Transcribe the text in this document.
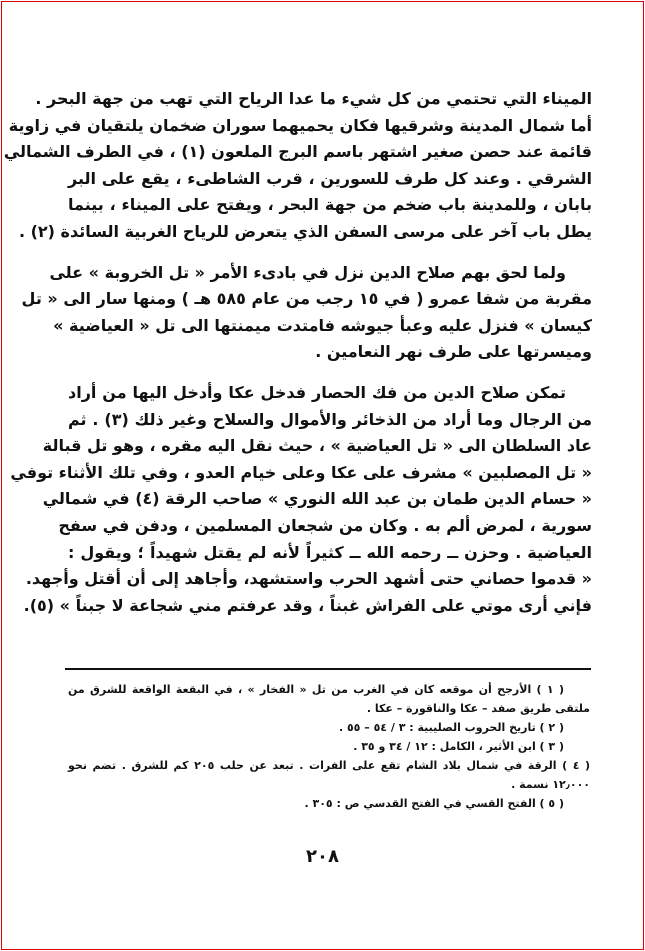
الميناء التي تحتمي من كل شيء ما عدا الرياح التي تهب من جهة البحر .
أما شمال المدينة وشرقيها فكان يحميهما سوران ضخمان يلتقيان في زاوية
قائمة عند حصن صغير اشتهر باسم البرج الملعون (١) ، في الطرف الشمالي
الشرقي . وعند كل طرف للسورين ، قرب الشاطىء ، يقع على البر
بابان ، وللمدينة باب ضخم من جهة البحر ، ويفتح على الميناء ، بينما
يطل باب آخر على مرسى السفن الذي يتعرض للرياح الغربية السائدة (٢) .
ولما لحق بهم صلاح الدين نزل في بادىء الأمر « تل الخروبة » على
مقربة من شفا عمرو ( في ١٥ رجب من عام ٥٨٥ هـ ) ومنها سار الى « تل
كيسان » فنزل عليه وعبأ جيوشه فامتدت ميمنتها الى تل « العياضية »
وميسرتها على طرف نهر النعامين .
تمكن صلاح الدين من فك الحصار فدخل عكا وأدخل اليها من أراد
من الرجال وما أراد من الذخائر والأموال والسلاح وغير ذلك (٣) . ثم
عاد السلطان الى « تل العياضية » ، حيث نقل اليه مقره ، وهو تل قبالة
« تل المصلبين » مشرف على عكا وعلى خيام العدو ، وفي تلك الأثناء توفي
« حسام الدين طمان بن عبد الله النوري » صاحب الرقة (٤) في شمالي
سورية ، لمرض ألم به . وكان من شجعان المسلمين ، ودفن في سفح
العياضية . وحزن ــ رحمه الله ــ كثيراً لأنه لم يقتل شهيداً ؛ ويقول :
« قدموا حصاني حتى أشهد الحرب واستشهد، وأجاهد إلى أن أقتل وأجهد.
فإني أرى موتي على الفراش غبناً ، وقد عرفتم مني شجاعة لا جبناً » (٥).
( ١ ) الأرجح أن موقعه كان في الغرب من تل « الفخار » ، في البقعة الواقعة للشرق من
ملتقى طريق صفد – عكا والناقورة – عكا .
( ٢ ) تاريخ الحروب الصليبية : ٣ / ٥٤ – ٥٥ .
( ٣ ) ابن الأثير ، الكامل : ١٢ / ٣٤ و ٣٥ .
( ٤ ) الرقة في شمال بلاد الشام تقع على الفرات . تبعد عن حلب ٢٠٥ كم للشرق . تضم نحو
١٢٫٠٠٠ نسمة .
( ٥ ) الفتح القسي في الفتح القدسي ص : ٣٠٥ .
٢٠٨
